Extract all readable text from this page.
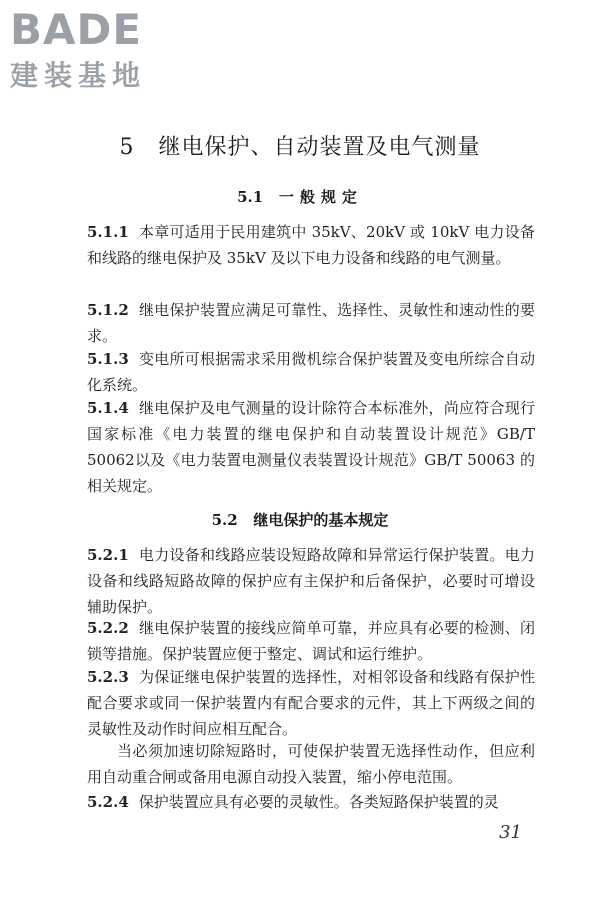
BADE
建装基地
5 继电保护、自动装置及电气测量
5.1 一般规定
5.1.1 本章可适用于民用建筑中 35kV、20kV 或 10kV 电力设备和线路的继电保护及 35kV 及以下电力设备和线路的电气测量。
5.1.2 继电保护装置应满足可靠性、选择性、灵敏性和速动性的要求。
5.1.3 变电所可根据需求采用微机综合保护装置及变电所综合自动化系统。
5.1.4 继电保护及电气测量的设计除符合本标准外，尚应符合现行国家标准《电力装置的继电保护和自动装置设计规范》GB/T 50062以及《电力装置电测量仪表装置设计规范》GB/T 50063 的相关规定。
5.2 继电保护的基本规定
5.2.1 电力设备和线路应装设短路故障和异常运行保护装置。电力设备和线路短路故障的保护应有主保护和后备保护，必要时可增设辅助保护。
5.2.2 继电保护装置的接线应简单可靠，并应具有必要的检测、闭锁等措施。保护装置应便于整定、调试和运行维护。
5.2.3 为保证继电保护装置的选择性，对相邻设备和线路有保护性配合要求或同一保护装置内有配合要求的元件，其上下两级之间的灵敏性及动作时间应相互配合。
当必须加速切除短路时，可使保护装置无选择性动作，但应利用自动重合闸或备用电源自动投入装置，缩小停电范围。
5.2.4 保护装置应具有必要的灵敏性。各类短路保护装置的灵
31
